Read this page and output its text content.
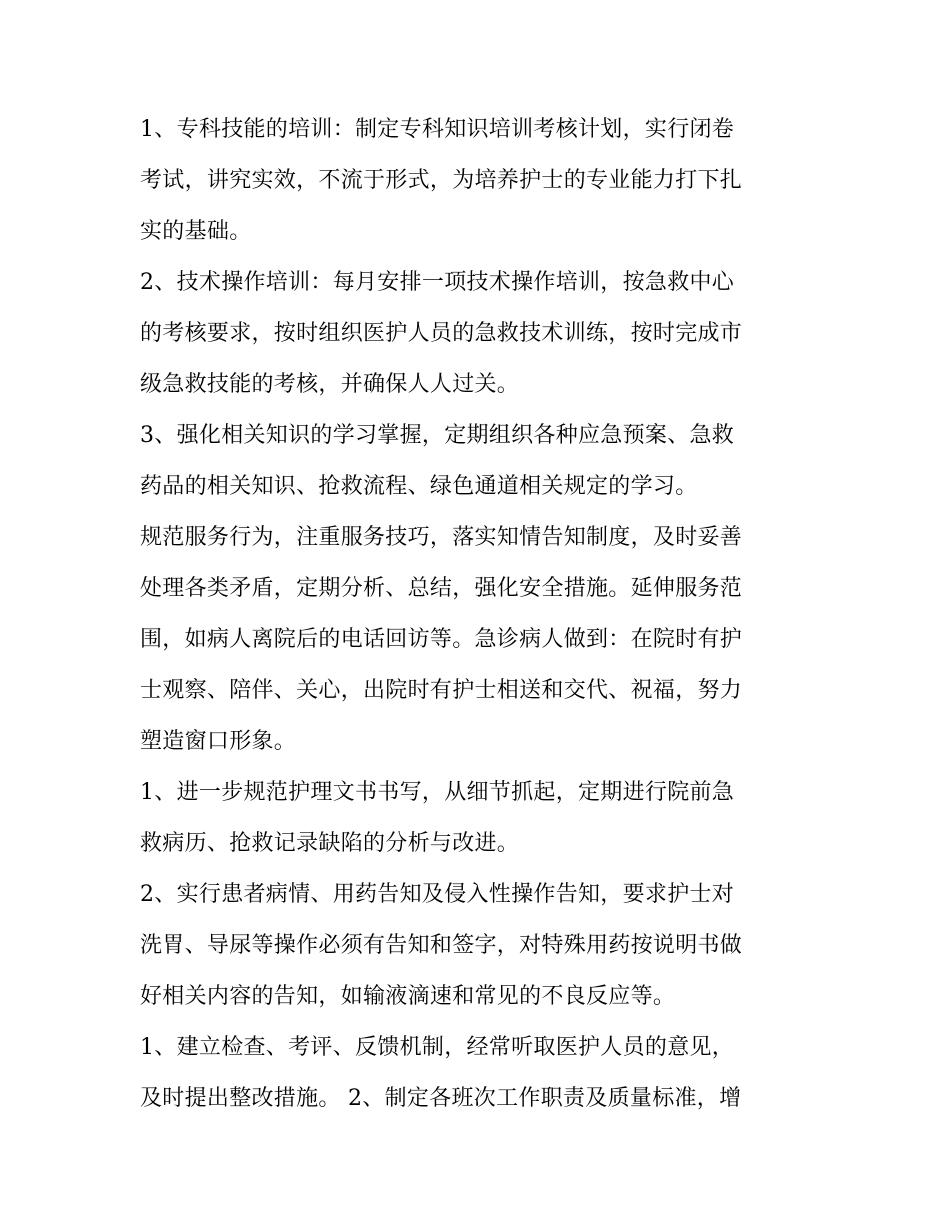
1、专科技能的培训：制定专科知识培训考核计划，实行闭卷
考试，讲究实效，不流于形式，为培养护士的专业能力打下扎
实的基础。
2、技术操作培训：每月安排一项技术操作培训，按急救中心
的考核要求，按时组织医护人员的急救技术训练，按时完成市
级急救技能的考核，并确保人人过关。
3、强化相关知识的学习掌握，定期组织各种应急预案、急救
药品的相关知识、抢救流程、绿色通道相关规定的学习。
规范服务行为，注重服务技巧，落实知情告知制度，及时妥善
处理各类矛盾，定期分析、总结，强化安全措施。延伸服务范
围，如病人离院后的电话回访等。急诊病人做到：在院时有护
士观察、陪伴、关心，出院时有护士相送和交代、祝福，努力
塑造窗口形象。
1、进一步规范护理文书书写，从细节抓起，定期进行院前急
救病历、抢救记录缺陷的分析与改进。
2、实行患者病情、用药告知及侵入性操作告知，要求护士对
洗胃、导尿等操作必须有告知和签字，对特殊用药按说明书做
好相关内容的告知，如输液滴速和常见的不良反应等。
1、建立检查、考评、反馈机制，经常听取医护人员的意见，
及时提出整改措施。 2、制定各班次工作职责及质量标准，增
